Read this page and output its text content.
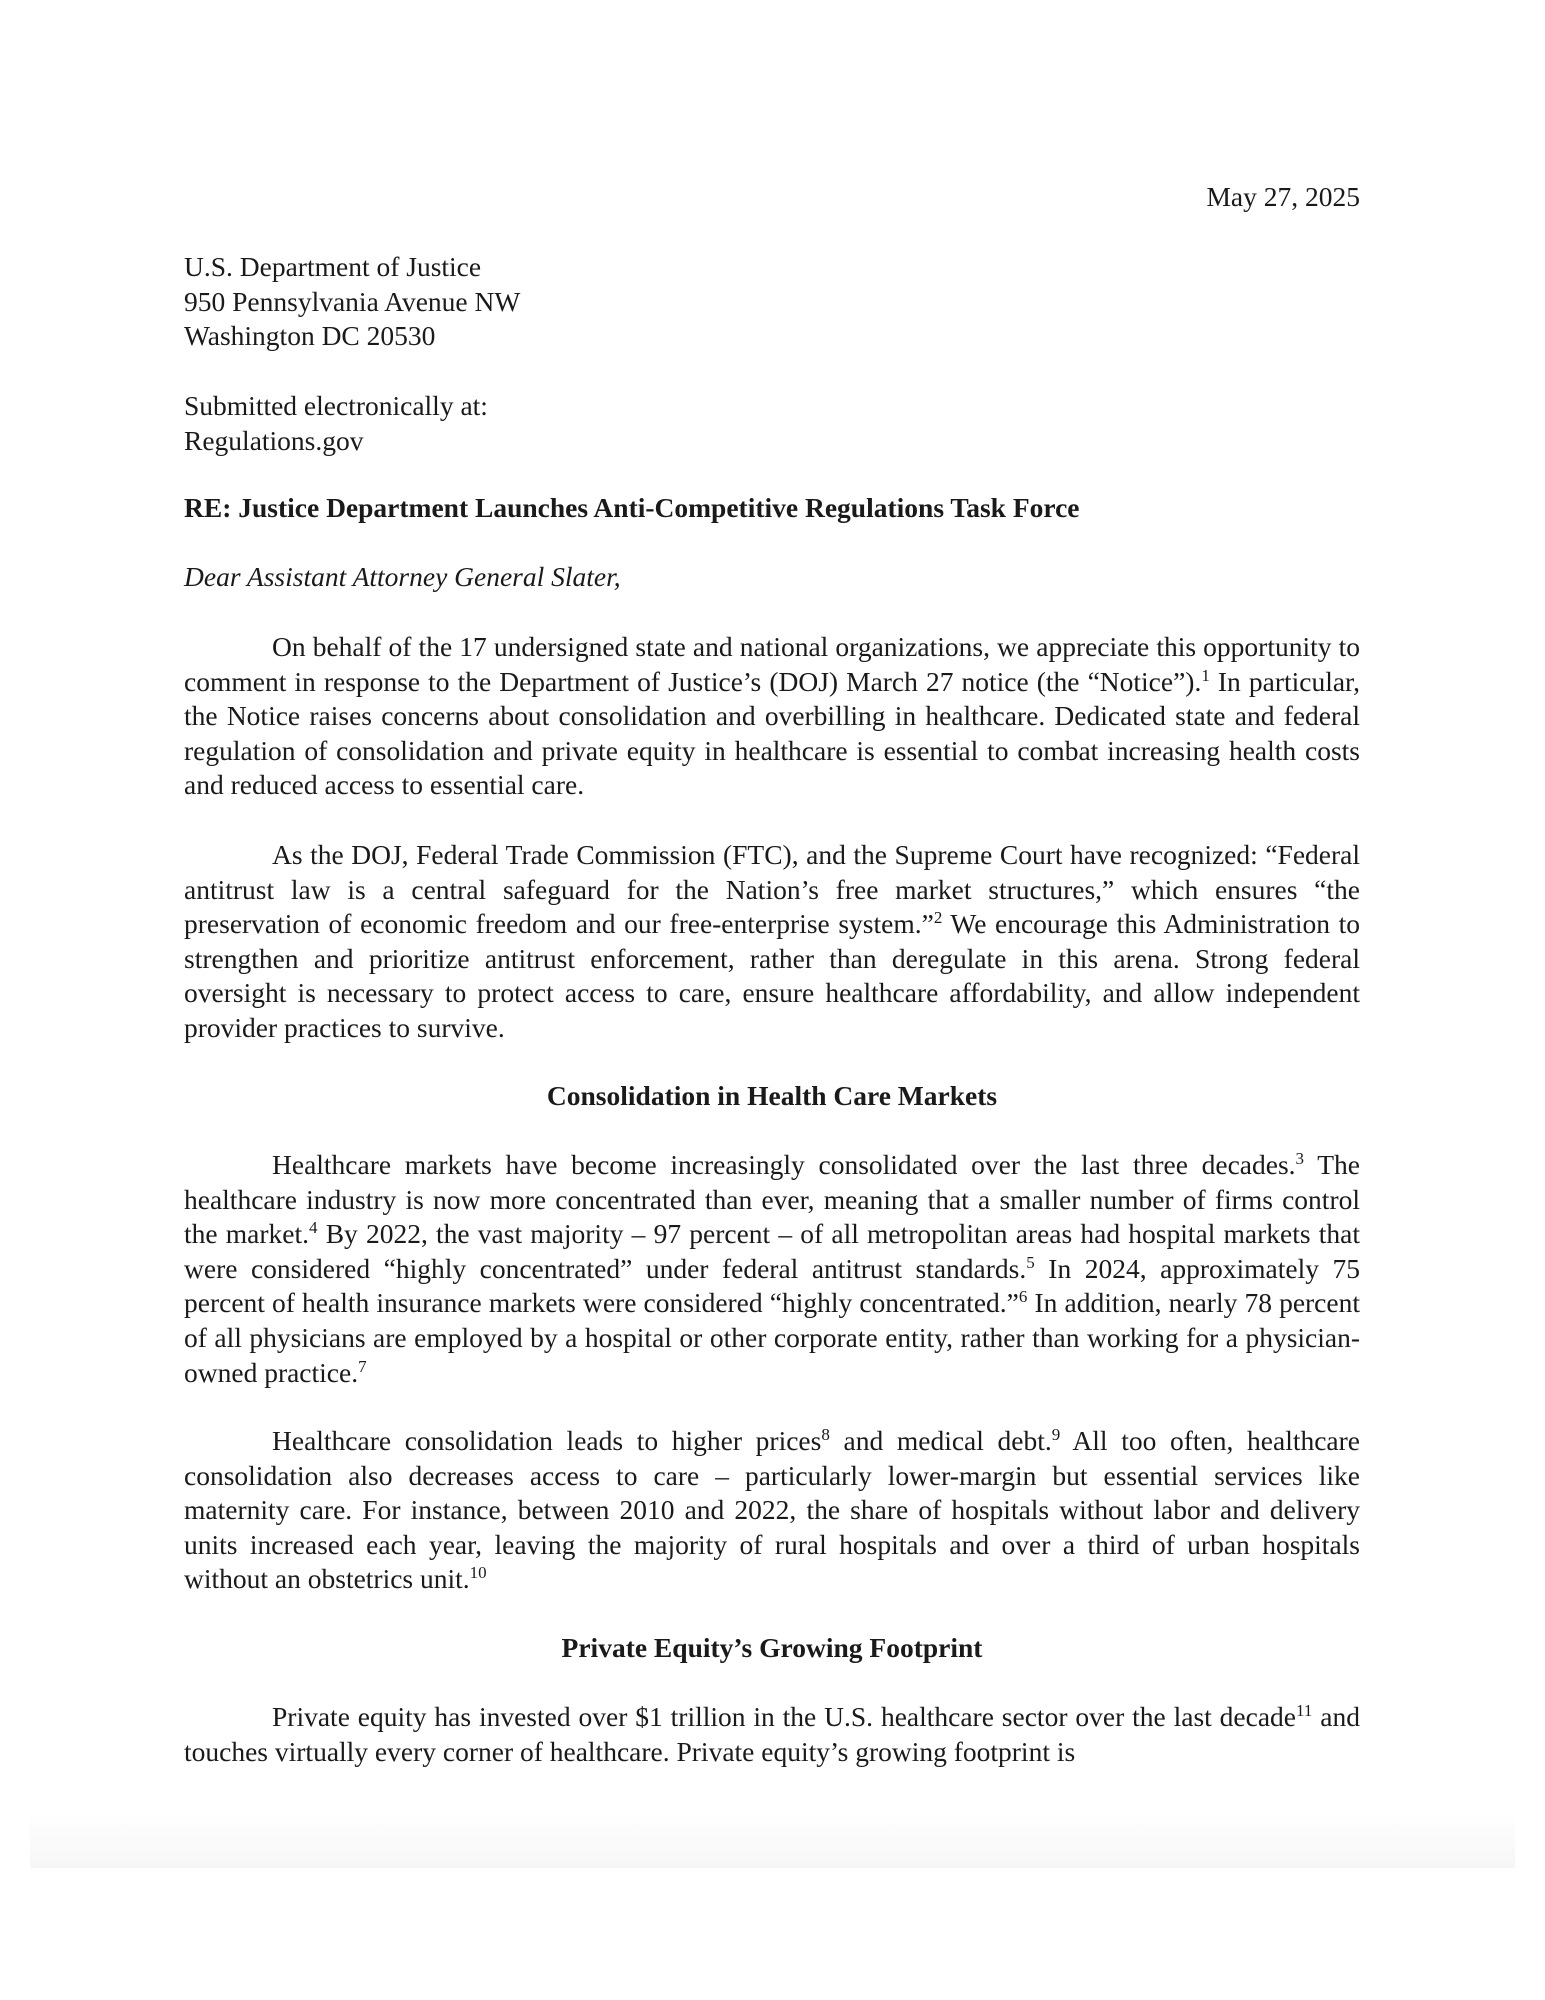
May 27, 2025
U.S. Department of Justice
950 Pennsylvania Avenue NW
Washington DC 20530
Submitted electronically at:
Regulations.gov
RE: Justice Department Launches Anti-Competitive Regulations Task Force
Dear Assistant Attorney General Slater,
On behalf of the 17 undersigned state and national organizations, we appreciate this opportunity to comment in response to the Department of Justice’s (DOJ) March 27 notice (the “Notice”).$^1$ In particular, the Notice raises concerns about consolidation and overbilling in healthcare. Dedicated state and federal regulation of consolidation and private equity in healthcare is essential to combat increasing health costs and reduced access to essential care.
As the DOJ, Federal Trade Commission (FTC), and the Supreme Court have recognized: “Federal antitrust law is a central safeguard for the Nation’s free market structures,” which ensures “the preservation of economic freedom and our free-enterprise system.”$^2$ We encourage this Administration to strengthen and prioritize antitrust enforcement, rather than deregulate in this arena. Strong federal oversight is necessary to protect access to care, ensure healthcare affordability, and allow independent provider practices to survive.
Consolidation in Health Care Markets
Healthcare markets have become increasingly consolidated over the last three decades.$^3$ The healthcare industry is now more concentrated than ever, meaning that a smaller number of firms control the market.$^4$ By 2022, the vast majority – 97 percent – of all metropolitan areas had hospital markets that were considered “highly concentrated” under federal antitrust standards.$^5$ In 2024, approximately 75 percent of health insurance markets were considered “highly concentrated.”$^6$ In addition, nearly 78 percent of all physicians are employed by a hospital or other corporate entity, rather than working for a physician-owned practice.$^7$
Healthcare consolidation leads to higher prices$^8$ and medical debt.$^9$ All too often, healthcare consolidation also decreases access to care – particularly lower-margin but essential services like maternity care. For instance, between 2010 and 2022, the share of hospitals without labor and delivery units increased each year, leaving the majority of rural hospitals and over a third of urban hospitals without an obstetrics unit.$^{10}$
Private Equity’s Growing Footprint
Private equity has invested over $1 trillion in the U.S. healthcare sector over the last decade$^{11}$ and touches virtually every corner of healthcare. Private equity’s growing footprint is
